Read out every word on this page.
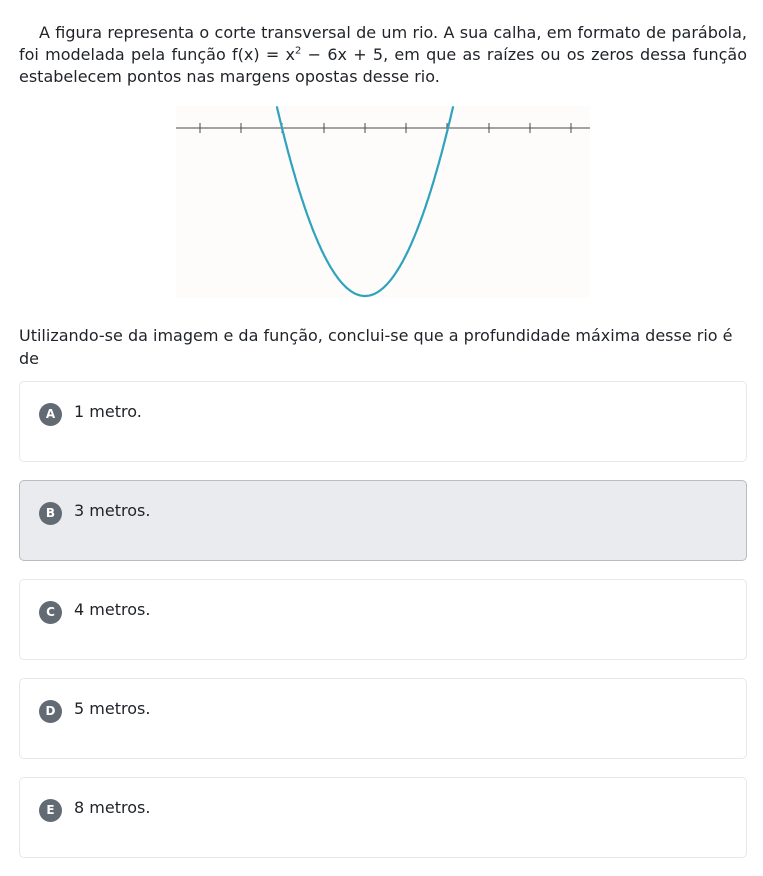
A figura representa o corte transversal de um rio. A sua calha, em formato de parábola, foi modelada pela função $f(x) = x^2 - 6x + 5$, em que as raízes ou os zeros dessa função estabelecem pontos nas margens opostas desse rio.

Utilizando-se da imagem e da função, conclui-se que a profundidade máxima desse rio é de

A	1 metro.
B	3 metros.
C	4 metros.
D	5 metros.
E	8 metros.
